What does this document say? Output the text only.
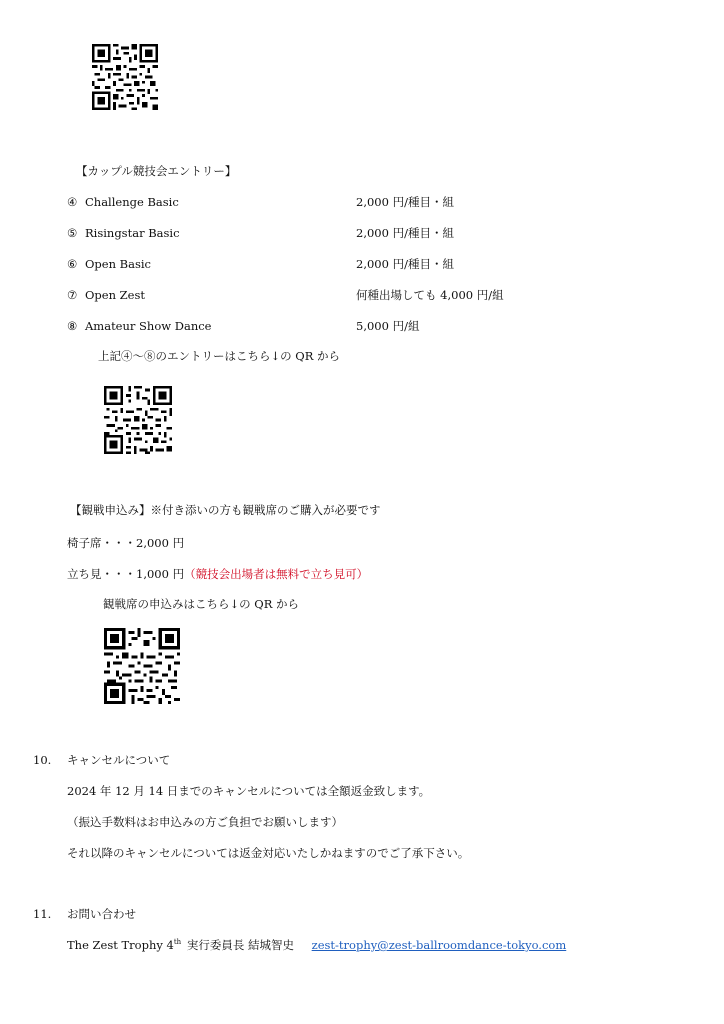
【カップル競技会エントリー】
④ Challenge Basic	2,000 円/種目・組
⑤ Risingstar Basic	2,000 円/種目・組
⑥ Open Basic	2,000 円/種目・組
⑦ Open Zest	何種出場しても 4,000 円/組
⑧ Amateur Show Dance	5,000 円/組
上記④～⑧のエントリーはこちら↓の QR から
【観戦申込み】※付き添いの方も観戦席のご購入が必要です
椅子席・・・2,000 円
立ち見・・・1,000 円（競技会出場者は無料で立ち見可）
観戦席の申込みはこちら↓の QR から
10. キャンセルについて
2024 年 12 月 14 日までのキャンセルについては全額返金致します。
（振込手数料はお申込みの方ご負担でお願いします）
それ以降のキャンセルについては返金対応いたしかねますのでご了承下さい。
11. お問い合わせ
The Zest Trophy 4th 実行委員長 結城智史 zest-trophy@zest-ballroomdance-tokyo.com
